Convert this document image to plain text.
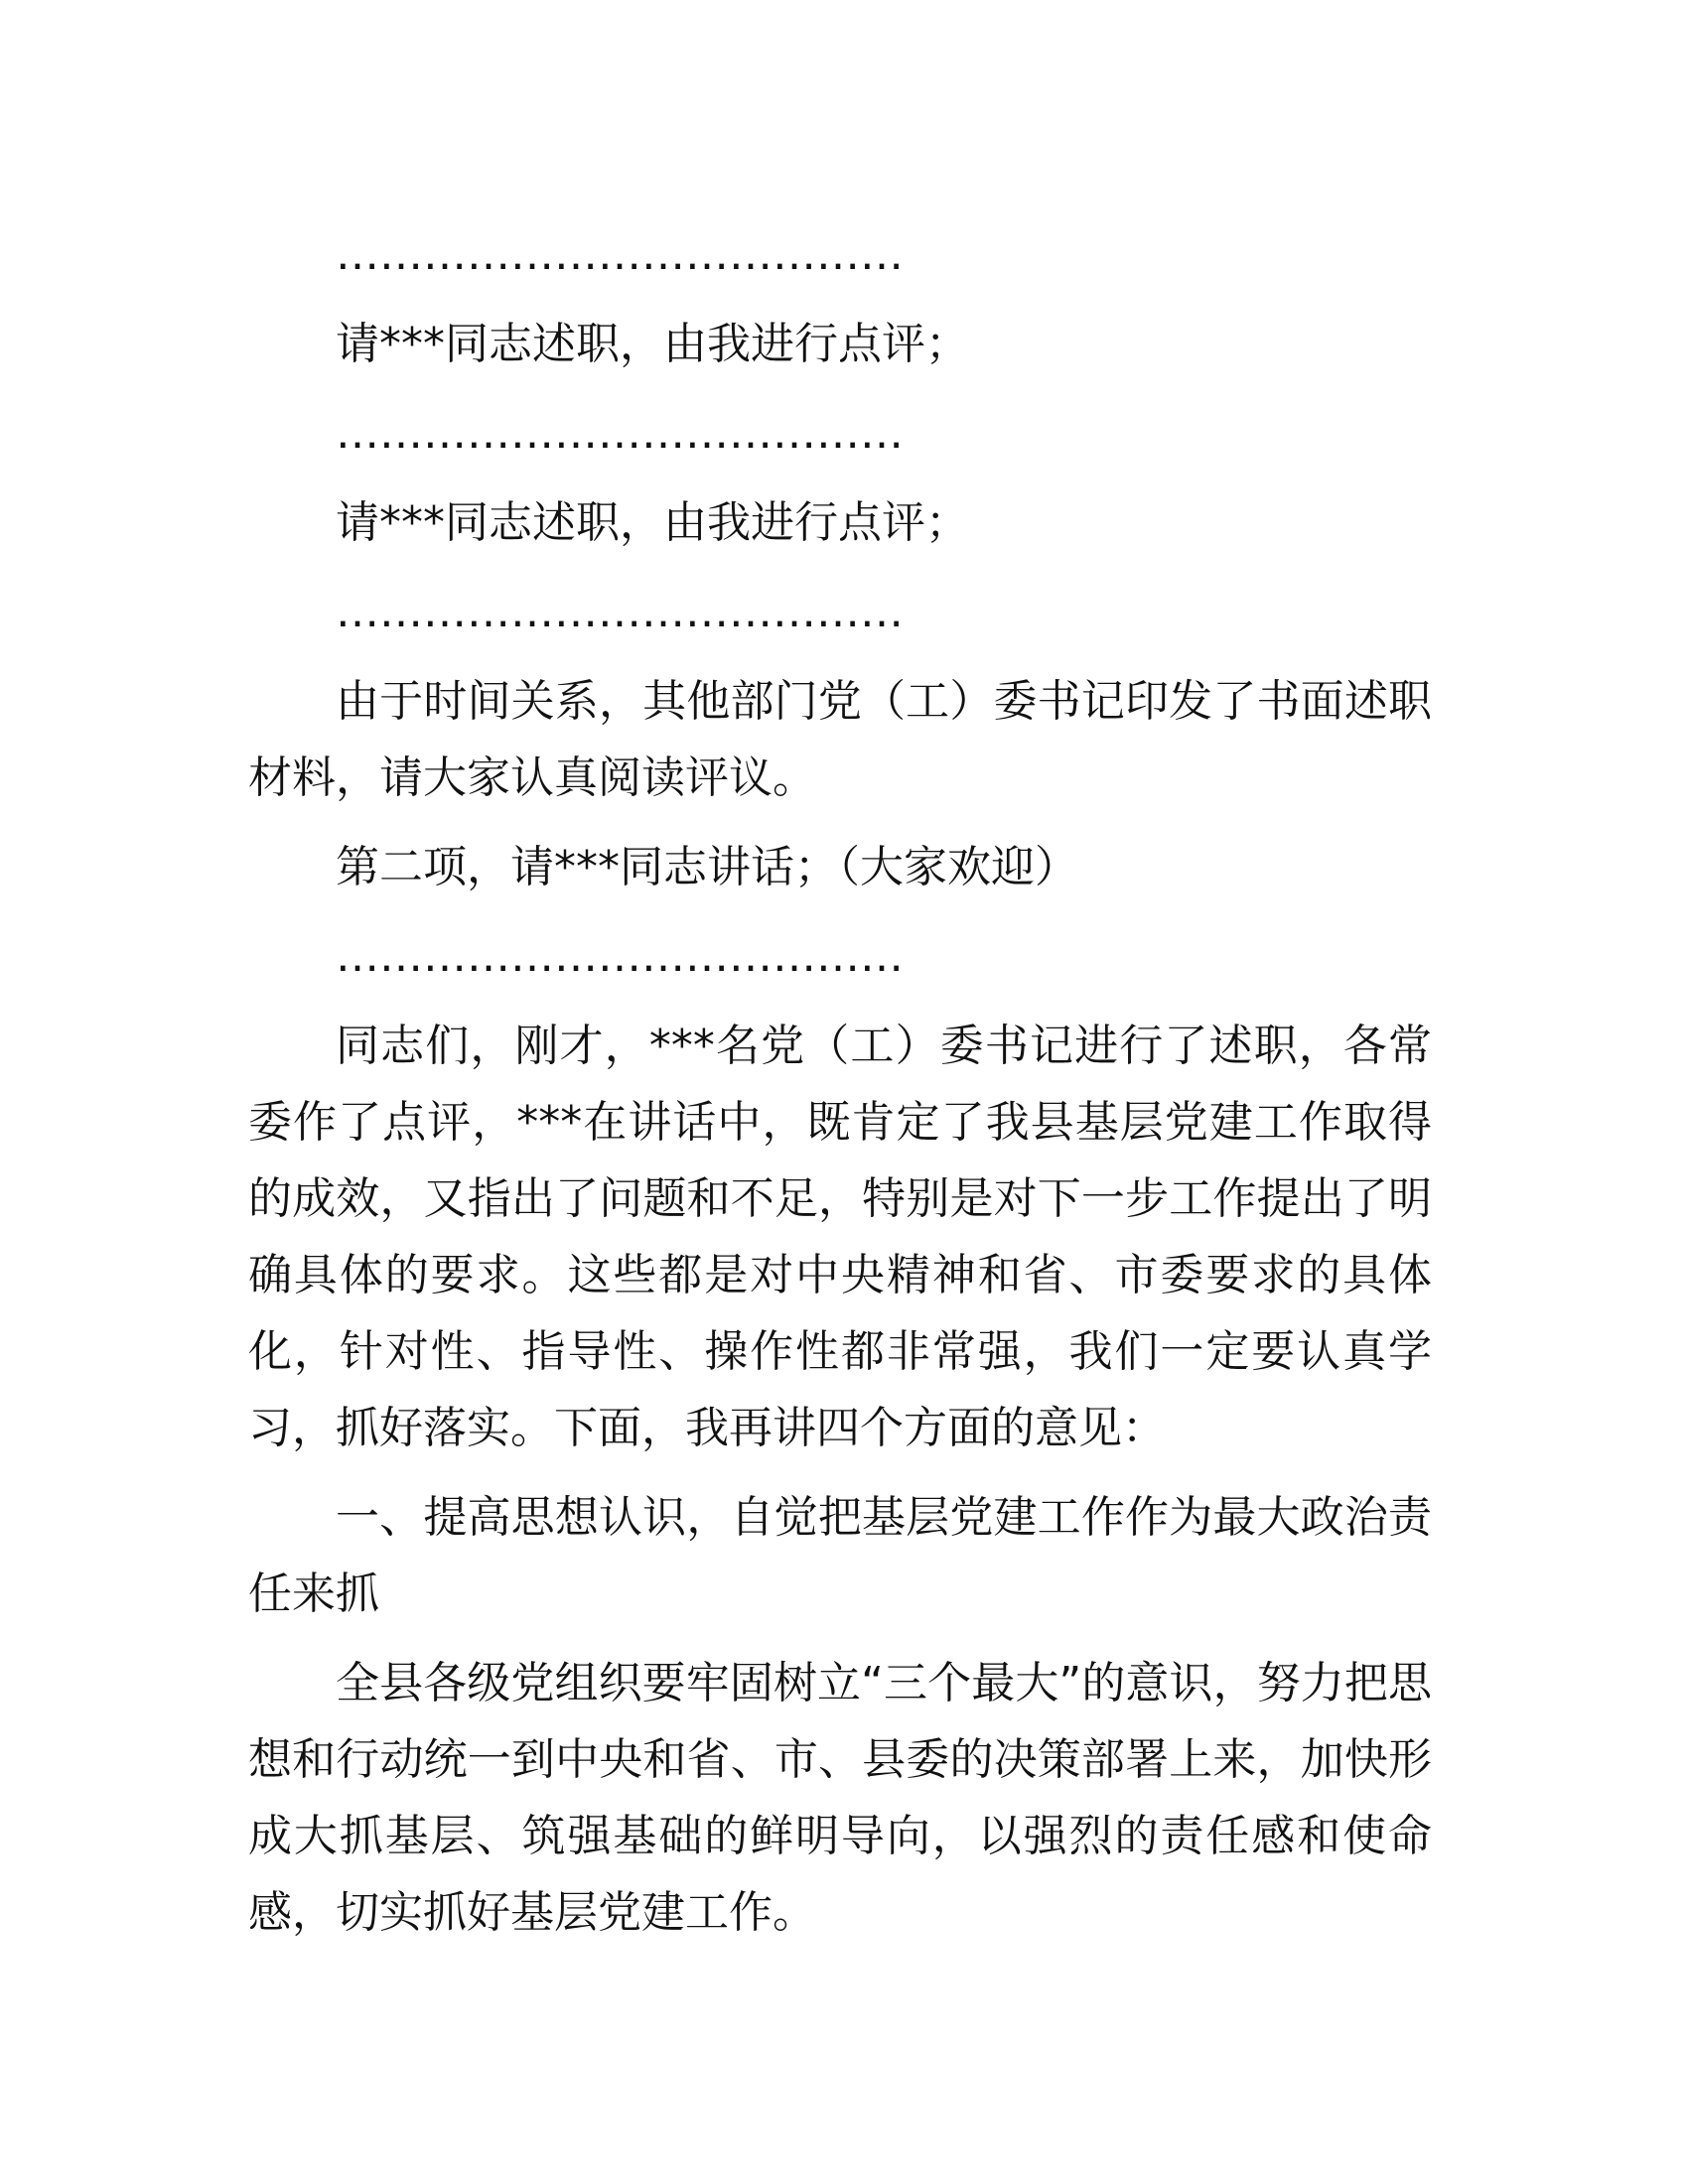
…………………………………

请***同志述职，由我进行点评；

…………………………………

请***同志述职，由我进行点评；

…………………………………

由于时间关系，其他部门党（工）委书记印发了书面述职材料，请大家认真阅读评议。

第二项，请***同志讲话；（大家欢迎）

…………………………………

同志们，刚才，***名党（工）委书记进行了述职，各常委作了点评，***在讲话中，既肯定了我县基层党建工作取得的成效，又指出了问题和不足，特别是对下一步工作提出了明确具体的要求。这些都是对中央精神和省、市委要求的具体化，针对性、指导性、操作性都非常强，我们一定要认真学习，抓好落实。下面，我再讲四个方面的意见：

一、提高思想认识，自觉把基层党建工作作为最大政治责任来抓

全县各级党组织要牢固树立“三个最大”的意识，努力把思想和行动统一到中央和省、市、县委的决策部署上来，加快形成大抓基层、筑强基础的鲜明导向，以强烈的责任感和使命感，切实抓好基层党建工作。
